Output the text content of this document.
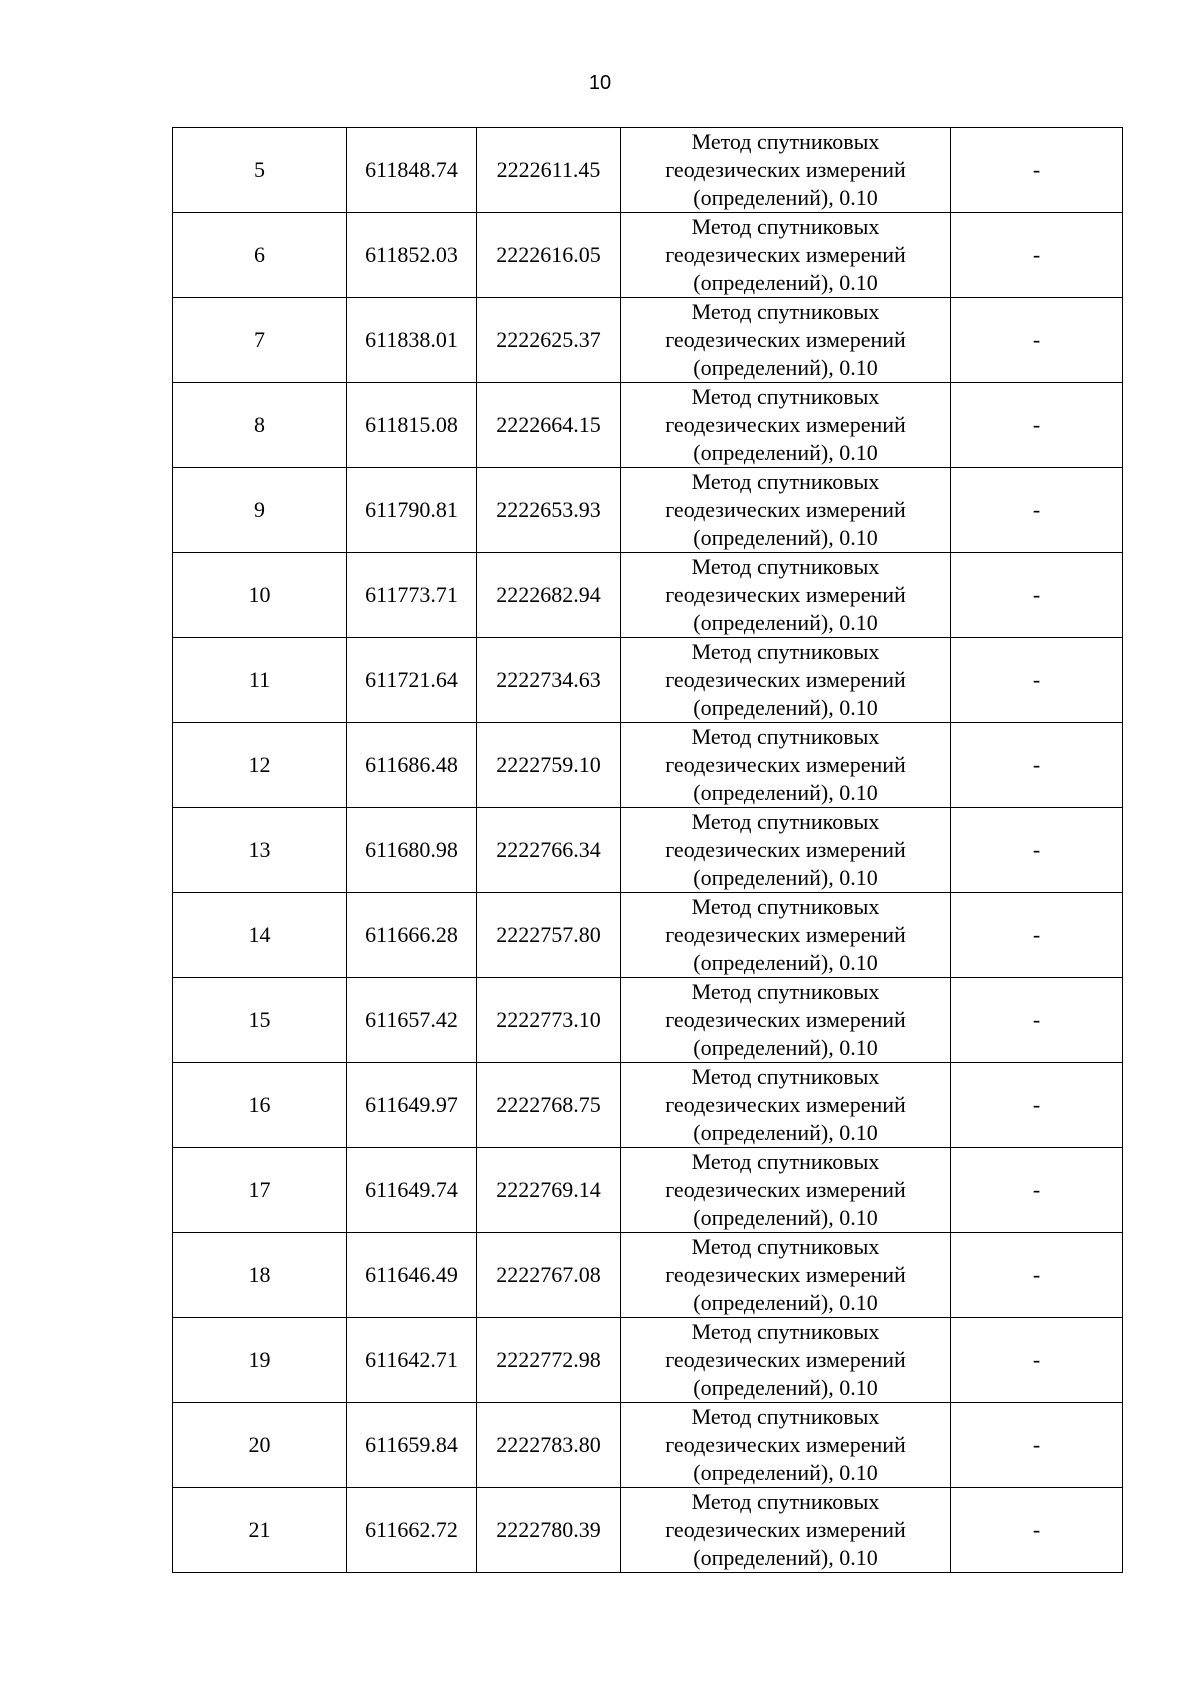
10
5	611848.74	2222611.45	Метод спутниковых
геодезических измерений
(определений), 0.10	-
6	611852.03	2222616.05	Метод спутниковых
геодезических измерений
(определений), 0.10	-
7	611838.01	2222625.37	Метод спутниковых
геодезических измерений
(определений), 0.10	-
8	611815.08	2222664.15	Метод спутниковых
геодезических измерений
(определений), 0.10	-
9	611790.81	2222653.93	Метод спутниковых
геодезических измерений
(определений), 0.10	-
10	611773.71	2222682.94	Метод спутниковых
геодезических измерений
(определений), 0.10	-
11	611721.64	2222734.63	Метод спутниковых
геодезических измерений
(определений), 0.10	-
12	611686.48	2222759.10	Метод спутниковых
геодезических измерений
(определений), 0.10	-
13	611680.98	2222766.34	Метод спутниковых
геодезических измерений
(определений), 0.10	-
14	611666.28	2222757.80	Метод спутниковых
геодезических измерений
(определений), 0.10	-
15	611657.42	2222773.10	Метод спутниковых
геодезических измерений
(определений), 0.10	-
16	611649.97	2222768.75	Метод спутниковых
геодезических измерений
(определений), 0.10	-
17	611649.74	2222769.14	Метод спутниковых
геодезических измерений
(определений), 0.10	-
18	611646.49	2222767.08	Метод спутниковых
геодезических измерений
(определений), 0.10	-
19	611642.71	2222772.98	Метод спутниковых
геодезических измерений
(определений), 0.10	-
20	611659.84	2222783.80	Метод спутниковых
геодезических измерений
(определений), 0.10	-
21	611662.72	2222780.39	Метод спутниковых
геодезических измерений
(определений), 0.10	-
